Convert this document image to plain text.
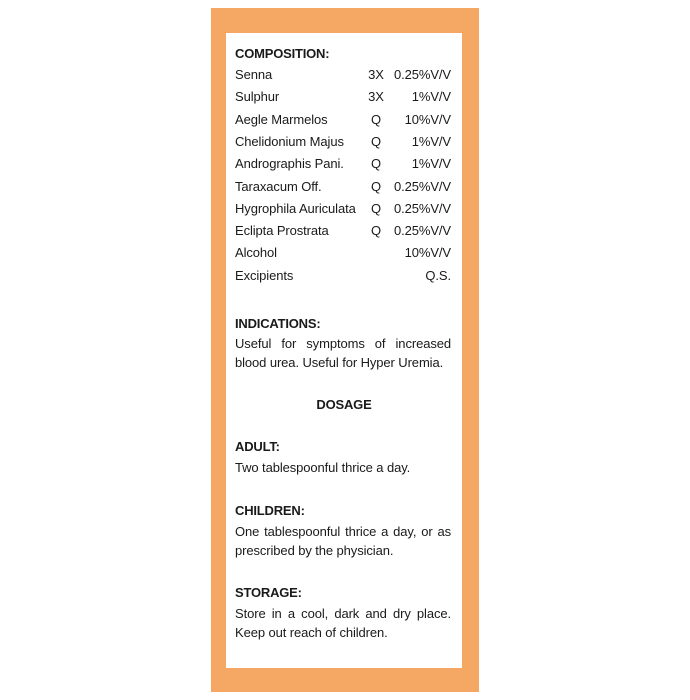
COMPOSITION:
Senna	3X 0.25%V/V
Sulphur	3X 1%V/V
Aegle Marmelos	Q	10%V/V
Chelidonium Majus	Q	1%V/V
Andrographis Pani.	Q	1%V/V
Taraxacum Off.	Q 0.25%V/V
Hygrophila Auriculata	Q 0.25%V/V
Eclipta Prostrata	Q 0.25%V/V
Alcohol	10%V/V
Excipients	Q.S.
INDICATIONS:

Useful for symptoms of increased blood urea. Useful for Hyper Uremia.

DOSAGE
ADULT:

Two tablespoonful thrice a day.

CHILDREN:

One tablespoonful thrice a day, or as prescribed by the physician.

STORAGE:

Store in a cool, dark and dry place. Keep out reach of children.
